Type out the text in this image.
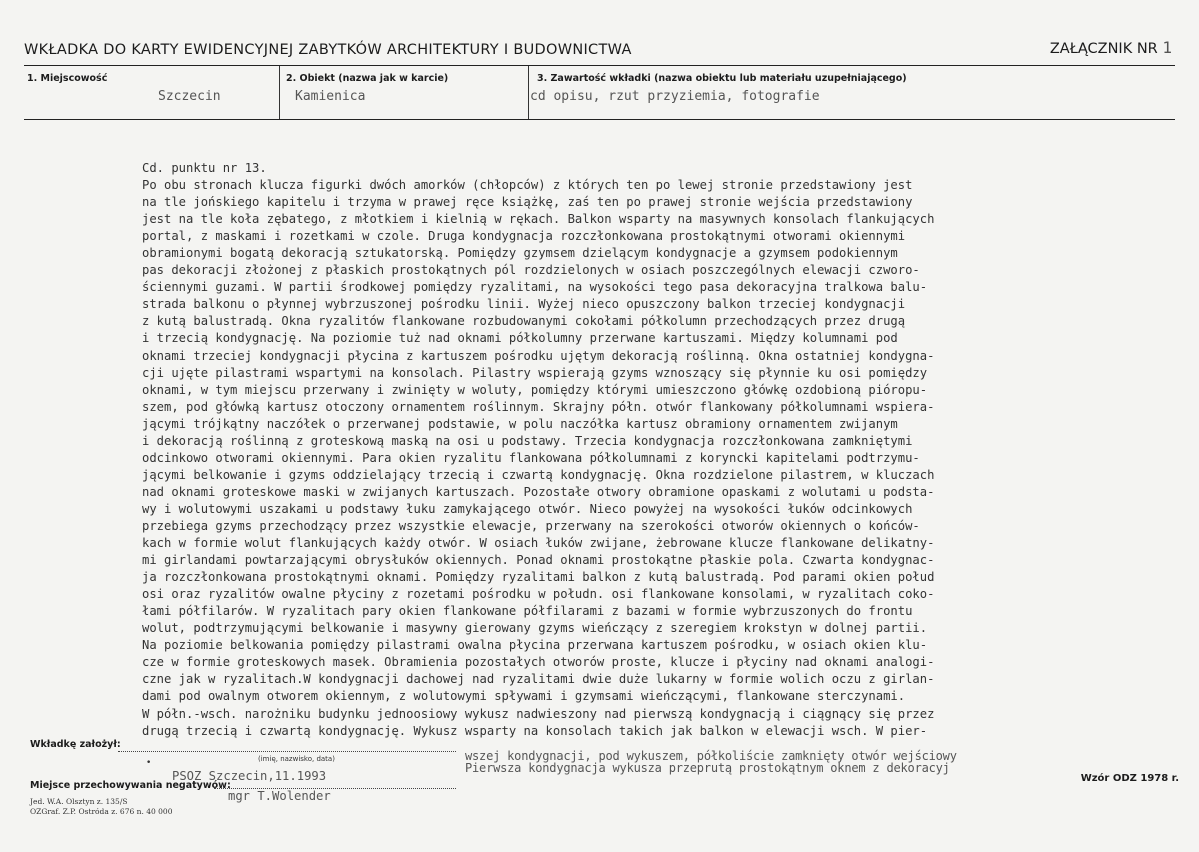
WKŁADKA DO KARTY EWIDENCYJNEJ ZABYTKÓW ARCHITEKTURY I BUDOWNICTWA	ZAŁĄCZNIK NR 1
1. Miejscowość
Szczecin
2. Obiekt (nazwa jak w karcie)
Kamienica
3. Zawartość wkładki (nazwa obiektu lub materiału uzupełniającego)
cd opisu, rzut przyziemia, fotografie
Cd. punktu nr 13.
Po obu stronach klucza figurki dwóch amorków (chłopców) z których ten po lewej stronie przedstawiony jest
na tle jońskiego kapitelu i trzyma w prawej ręce książkę, zaś ten po prawej stronie wejścia przedstawiony
jest na tle koła zębatego, z młotkiem i kielnią w rękach. Balkon wsparty na masywnych konsolach flankujących
portal, z maskami i rozetkami w czole. Druga kondygnacja rozczłonkowana prostokątnymi otworami okiennymi
obramionymi bogatą dekoracją sztukatorską. Pomiędzy gzymsem dzielącym kondygnacje a gzymsem podokiennym
pas dekoracji złożonej z płaskich prostokątnych pól rozdzielonych w osiach poszczególnych elewacji czworo-
ściennymi guzami. W partii środkowej pomiędzy ryzalitami, na wysokości tego pasa dekoracyjna tralkowa balu-
strada balkonu o płynnej wybrzuszonej pośrodku linii. Wyżej nieco opuszczony balkon trzeciej kondygnacji
z kutą balustradą. Okna ryzalitów flankowane rozbudowanymi cokołami półkolumn przechodzących przez drugą
i trzecią kondygnację. Na poziomie tuż nad oknami półkolumny przerwane kartuszami. Między kolumnami pod
oknami trzeciej kondygnacji płycina z kartuszem pośrodku ujętym dekoracją roślinną. Okna ostatniej kondygna-
cji ujęte pilastrami wspartymi na konsolach. Pilastry wspierają gzyms wznoszący się płynnie ku osi pomiędzy
oknami, w tym miejscu przerwany i zwinięty w woluty, pomiędzy którymi umieszczono główkę ozdobioną pióropu-
szem, pod główką kartusz otoczony ornamentem roślinnym. Skrajny półn. otwór flankowany półkolumnami wspiera-
jącymi trójkątny naczółek o przerwanej podstawie, w polu naczółka kartusz obramiony ornamentem zwijanym
i dekoracją roślinną z groteskową maską na osi u podstawy. Trzecia kondygnacja rozczłonkowana zamkniętymi
odcinkowo otworami okiennymi. Para okien ryzalitu flankowana półkolumnami z koryncki kapitelami podtrzymu-
jącymi belkowanie i gzyms oddzielający trzecią i czwartą kondygnację. Okna rozdzielone pilastrem, w kluczach
nad oknami groteskowe maski w zwijanych kartuszach. Pozostałe otwory obramione opaskami z wolutami u podsta-
wy i wolutowymi uszakami u podstawy łuku zamykającego otwór. Nieco powyżej na wysokości łuków odcinkowych
przebiega gzyms przechodzący przez wszystkie elewacje, przerwany na szerokości otworów okiennych o końców-
kach w formie wolut flankujących każdy otwór. W osiach łuków zwijane, żebrowane klucze flankowane delikatny-
mi girlandami powtarzającymi obrysłuków okiennych. Ponad oknami prostokątne płaskie pola. Czwarta kondygnac-
ja rozczłonkowana prostokątnymi oknami. Pomiędzy ryzalitami balkon z kutą balustradą. Pod parami okien połud
osi oraz ryzalitów owalne płyciny z rozetami pośrodku w połudn. osi flankowane konsolami, w ryzalitach coko-
łami półfilarów. W ryzalitach pary okien flankowane półfilarami z bazami w formie wybrzuszonych do frontu
wolut, podtrzymującymi belkowanie i masywny gierowany gzyms wieńczący z szeregiem krokstyn w dolnej partii.
Na poziomie belkowania pomiędzy pilastrami owalna płycina przerwana kartuszem pośrodku, w osiach okien klu-
cze w formie groteskowych masek. Obramienia pozostałych otworów proste, klucze i płyciny nad oknami analogi-
czne jak w ryzalitach.W kondygnacji dachowej nad ryzalitami dwie duże lukarny w formie wolich oczu z girlan-
dami pod owalnym otworem okiennym, z wolutowymi spływami i gzymsami wieńczącymi, flankowane sterczynami.
W półn.-wsch. narożniku budynku jednoosiowy wykusz nadwieszony nad pierwszą kondygnacją i ciągnący się przez
drugą trzecią i czwartą kondygnację. Wykusz wsparty na konsolach takich jak balkon w elewacji wsch. W pier-
wszej kondygnacji, pod wykuszem, półkoliście zamknięty otwór wejściowy
Pierwsza kondygnacja wykusza przeprutą prostokątnym oknem z dekoracyj
Wkładkę założył:
(imię, nazwisko, data)
•
PSOZ Szczecin,11.1993
Miejsce przechowywania negatywów:
mgr T.Wolender
Jed. W.A. Olsztyn z. 135/S
OZGraf. Z.P. Ostróda z. 676 n. 40 000
Wzór ODZ 1978 r.
